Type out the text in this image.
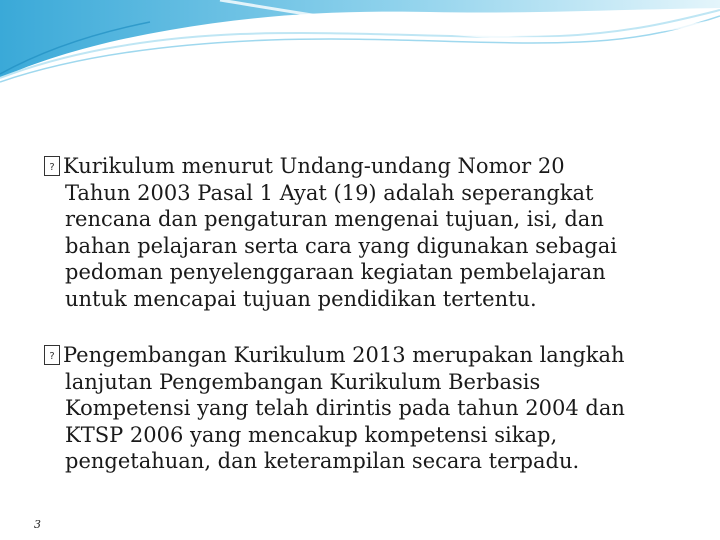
? Kurikulum menurut Undang-undang Nomor 20
Tahun 2003 Pasal 1 Ayat (19) adalah seperangkat
rencana dan pengaturan mengenai tujuan, isi, dan
bahan pelajaran serta cara yang digunakan sebagai
pedoman penyelenggaraan kegiatan pembelajaran
untuk mencapai tujuan pendidikan tertentu.
? Pengembangan Kurikulum 2013 merupakan langkah
lanjutan Pengembangan Kurikulum Berbasis
Kompetensi yang telah dirintis pada tahun 2004 dan
KTSP 2006 yang mencakup kompetensi sikap,
pengetahuan, dan keterampilan secara terpadu.
3
